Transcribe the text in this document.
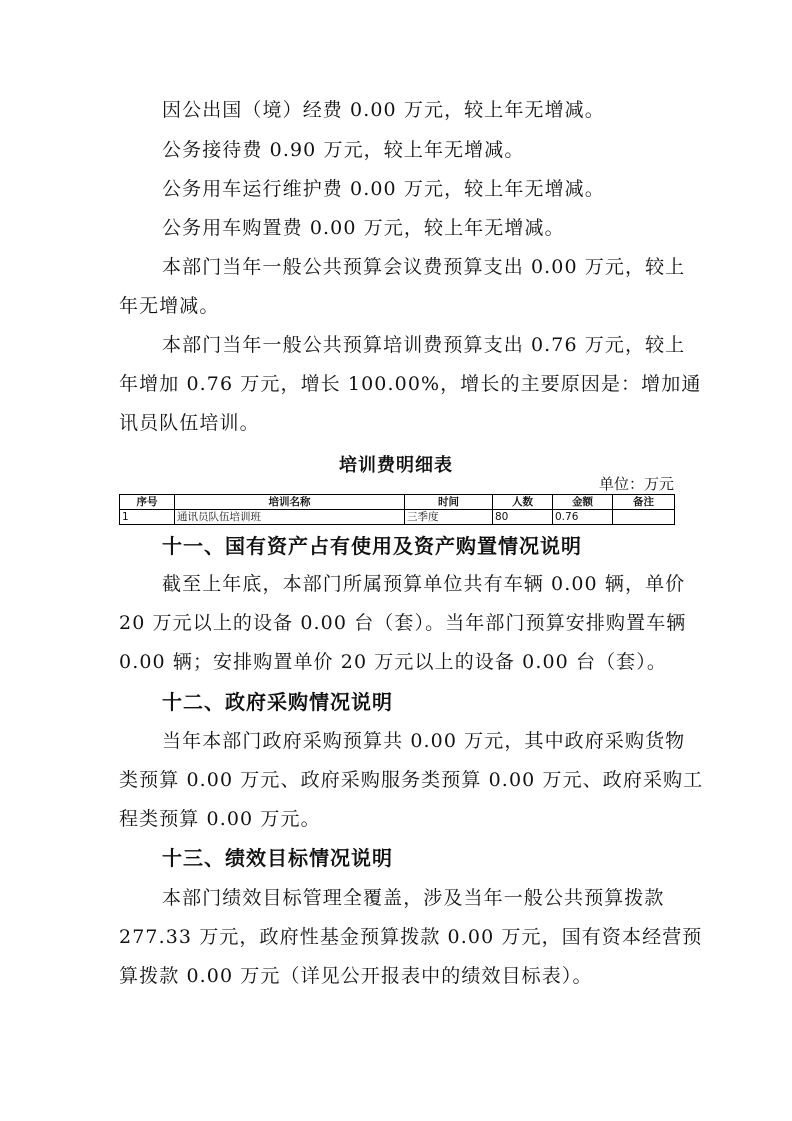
因公出国（境）经费 0.00 万元，较上年无增减。
公务接待费 0.90 万元，较上年无增减。
公务用车运行维护费 0.00 万元，较上年无增减。
公务用车购置费 0.00 万元，较上年无增减。
本部门当年一般公共预算会议费预算支出 0.00 万元，较上
年无增减。
本部门当年一般公共预算培训费预算支出 0.76 万元，较上
年增加 0.76 万元，增长 100.00%，增长的主要原因是：增加通
讯员队伍培训。
培训费明细表
单位：万元
序号	培训名称	时间	人数	金额	备注
1	通讯员队伍培训班	三季度	80	0.76	
十一、国有资产占有使用及资产购置情况说明
截至上年底，本部门所属预算单位共有车辆 0.00 辆，单价
20 万元以上的设备 0.00 台（套）。当年部门预算安排购置车辆
0.00 辆；安排购置单价 20 万元以上的设备 0.00 台（套）。
十二、政府采购情况说明
当年本部门政府采购预算共 0.00 万元，其中政府采购货物
类预算 0.00 万元、政府采购服务类预算 0.00 万元、政府采购工
程类预算 0.00 万元。
十三、绩效目标情况说明
本部门绩效目标管理全覆盖，涉及当年一般公共预算拨款
277.33 万元，政府性基金预算拨款 0.00 万元，国有资本经营预
算拨款 0.00 万元（详见公开报表中的绩效目标表）。
